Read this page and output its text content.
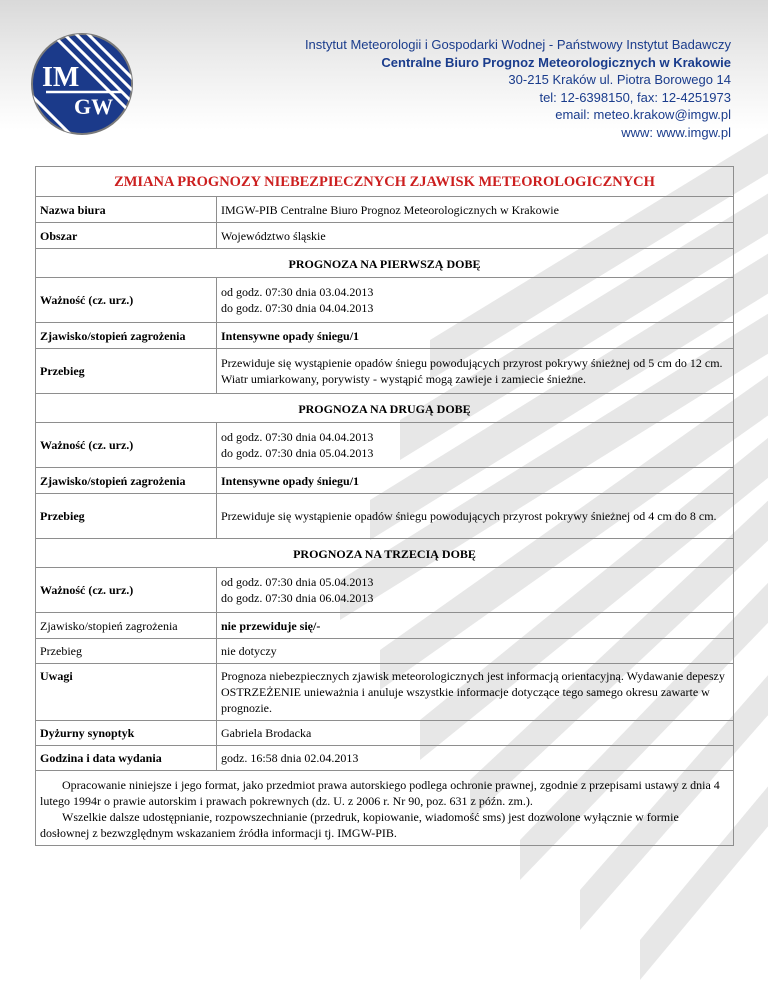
IM
GW
Instytut Meteorologii i Gospodarki Wodnej - Państwowy Instytut Badawczy
Centralne Biuro Prognoz Meteorologicznych w Krakowie
30-215 Kraków ul. Piotra Borowego 14
tel: 12-6398150, fax: 12-4251973
email: meteo.krakow@imgw.pl
www: www.imgw.pl
ZMIANA PROGNOZY NIEBEZPIECZNYCH ZJAWISK METEOROLOGICZNYCH	
Nazwa biura	IMGW-PIB Centralne Biuro Prognoz Meteorologicznych w Krakowie
Obszar	Województwo śląskie
PROGNOZA NA PIERWSZĄ DOBĘ	
Ważność (cz. urz.)	od godz. 07:30 dnia 03.04.2013
do godz. 07:30 dnia 04.04.2013
Zjawisko/stopień zagrożenia	Intensywne opady śniegu/1
Przebieg	Przewiduje się wystąpienie opadów śniegu powodujących przyrost pokrywy śnieżnej od 5 cm do 12 cm. Wiatr umiarkowany, porywisty - wystąpić mogą zawieje i zamiecie śnieżne.
PROGNOZA NA DRUGĄ DOBĘ	
Ważność (cz. urz.)	od godz. 07:30 dnia 04.04.2013
do godz. 07:30 dnia 05.04.2013
Zjawisko/stopień zagrożenia	Intensywne opady śniegu/1
Przebieg	Przewiduje się wystąpienie opadów śniegu powodujących przyrost pokrywy śnieżnej od 4 cm do 8 cm.
PROGNOZA NA TRZECIĄ DOBĘ	
Ważność (cz. urz.)	od godz. 07:30 dnia 05.04.2013
do godz. 07:30 dnia 06.04.2013
Zjawisko/stopień zagrożenia	nie przewiduje się/-
Przebieg	nie dotyczy
Uwagi	Prognoza niebezpiecznych zjawisk meteorologicznych jest informacją orientacyjną. Wydawanie depeszy OSTRZEŻENIE unieważnia i anuluje wszystkie informacje dotyczące tego samego okresu zawarte w prognozie.
Dyżurny synoptyk	Gabriela Brodacka
Godzina i data wydania	godz. 16:58 dnia 02.04.2013

Opracowanie niniejsze i jego format, jako przedmiot prawa autorskiego podlega ochronie prawnej, zgodnie z przepisami ustawy z dnia 4 lutego 1994r o prawie autorskim i prawach pokrewnych (dz. U. z 2006 r. Nr 90, poz. 631 z późn. zm.).

Wszelkie dalsze udostępnianie, rozpowszechnianie (przedruk, kopiowanie, wiadomość sms) jest dozwolone wyłącznie w formie dosłownej z bezwzględnym wskazaniem źródła informacji tj. IMGW-PIB.	
